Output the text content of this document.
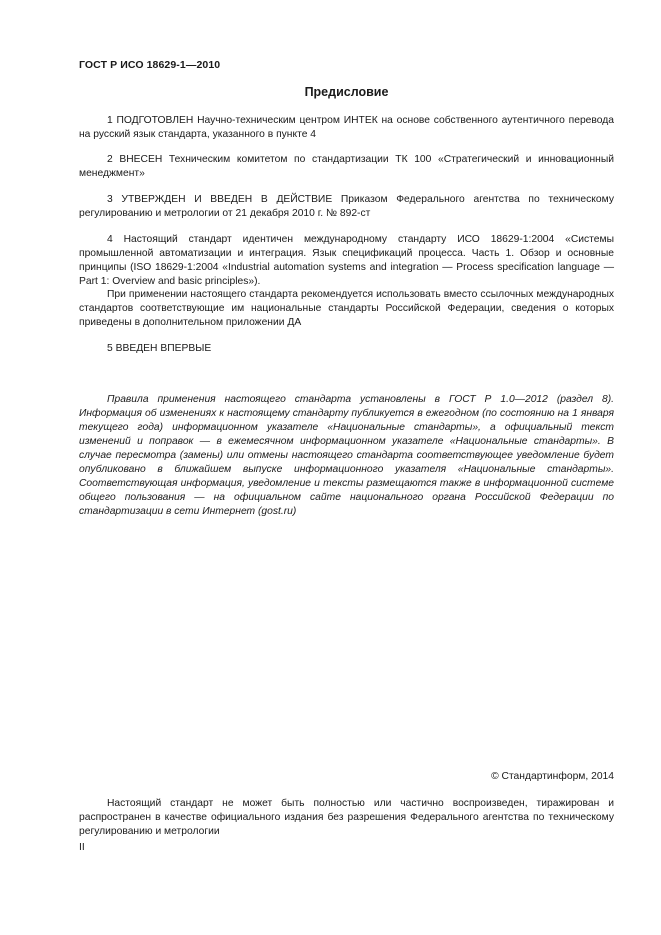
ГОСТ Р ИСО 18629-1—2010
Предисловие

1 ПОДГОТОВЛЕН Научно-техническим центром ИНТЕК на основе собственного аутентичного перевода на русский язык стандарта, указанного в пункте 4

2 ВНЕСЕН Техническим комитетом по стандартизации ТК 100 «Стратегический и инновационный менеджмент»

3 УТВЕРЖДЕН И ВВЕДЕН В ДЕЙСТВИЕ Приказом Федерального агентства по техническому регулированию и метрологии от 21 декабря 2010 г. № 892-ст

4 Настоящий стандарт идентичен международному стандарту ИСО 18629-1:2004 «Системы промышленной автоматизации и интеграция. Язык спецификаций процесса. Часть 1. Обзор и основные принципы (ISO 18629-1:2004 «Industrial automation systems and integration — Process specification language — Part 1: Overview and basic principles»).

При применении настоящего стандарта рекомендуется использовать вместо ссылочных международных стандартов соответствующие им национальные стандарты Российской Федерации, сведения о которых приведены в дополнительном приложении ДА

5 ВВЕДЕН ВПЕРВЫЕ

Правила применения настоящего стандарта установлены в ГОСТ Р 1.0—2012 (раздел 8). Информация об изменениях к настоящему стандарту публикуется в ежегодном (по состоянию на 1 января текущего года) информационном указателе «Национальные стандарты», а официальный текст изменений и поправок — в ежемесячном информационном указателе «Национальные стандарты». В случае пересмотра (замены) или отмены настоящего стандарта соответствующее уведомление будет опубликовано в ближайшем выпуске информационного указателя «Национальные стандарты». Соответствующая информация, уведомление и тексты размещаются также в информационной системе общего пользования — на официальном сайте национального органа Российской Федерации по стандартизации в сети Интернет (gost.ru)

© Стандартинформ, 2014

Настоящий стандарт не может быть полностью или частично воспроизведен, тиражирован и распространен в качестве официального издания без разрешения Федерального агентства по техническому регулированию и метрологии

II
